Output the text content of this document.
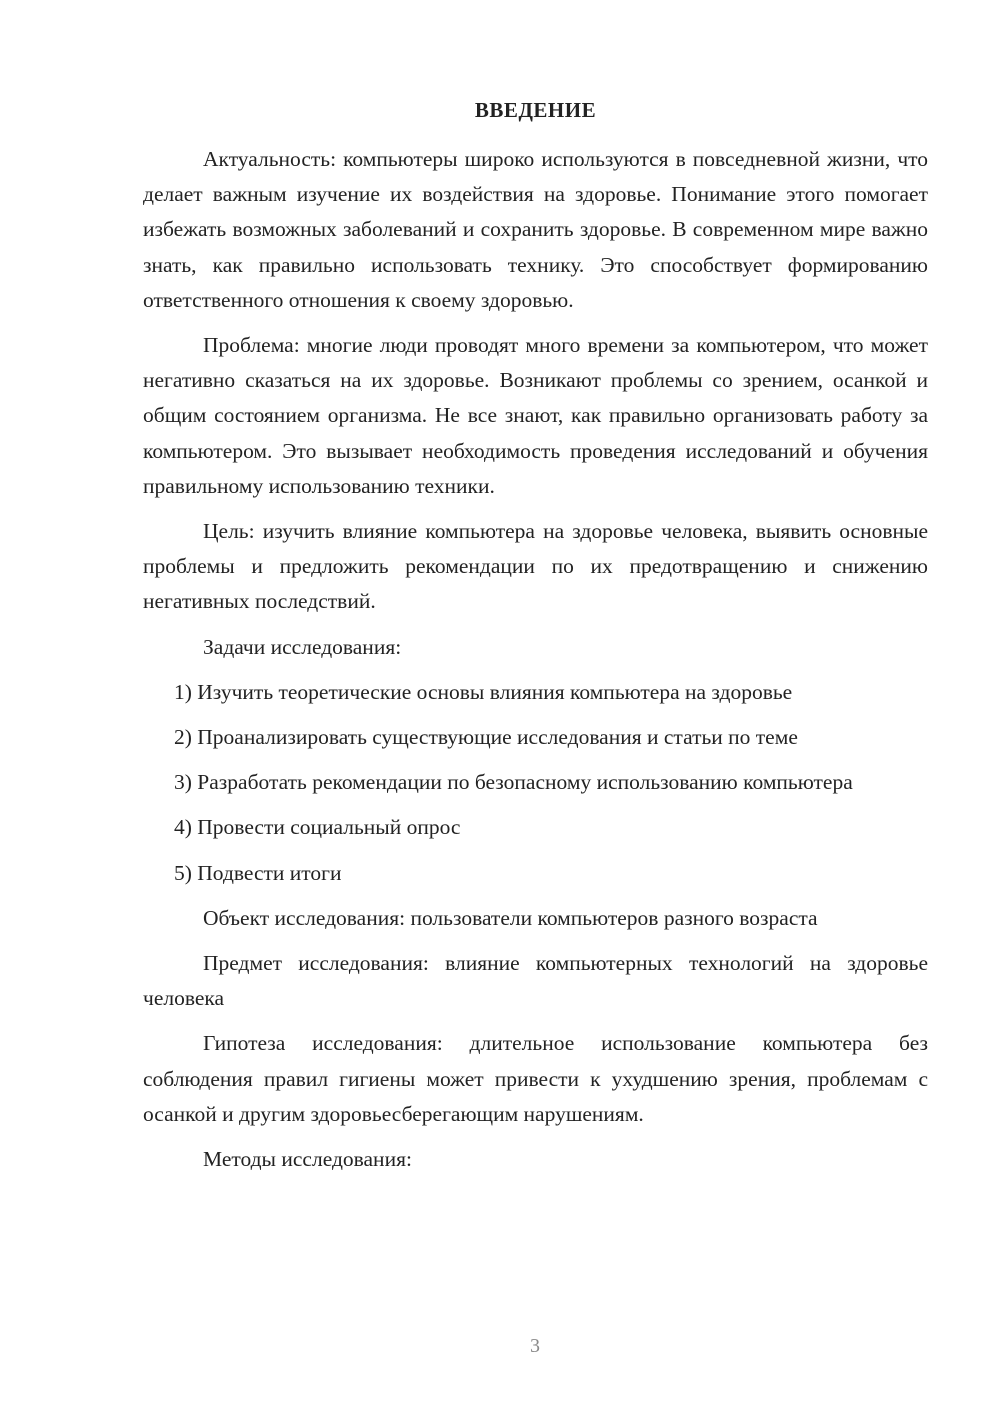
ВВЕДЕНИЕ

Актуальность: компьютеры широко используются в повседневной жизни, что делает важным изучение их воздействия на здоровье. Понимание этого помогает избежать возможных заболеваний и сохранить здоровье. В современном мире важно знать, как правильно использовать технику. Это способствует формированию ответственного отношения к своему здоровью.

Проблема: многие люди проводят много времени за компьютером, что может негативно сказаться на их здоровье. Возникают проблемы со зрением, осанкой и общим состоянием организма. Не все знают, как правильно организовать работу за компьютером. Это вызывает необходимость проведения исследований и обучения правильному использованию техники.

Цель: изучить влияние компьютера на здоровье человека, выявить основные проблемы и предложить рекомендации по их предотвращению и снижению негативных последствий.

Задачи исследования:

1) Изучить теоретические основы влияния компьютера на здоровье

2) Проанализировать существующие исследования и статьи по теме

3) Разработать рекомендации по безопасному использованию компьютера

4) Провести социальный опрос

5) Подвести итоги

Объект исследования: пользователи компьютеров разного возраста

Предмет исследования: влияние компьютерных технологий на здоровье человека

Гипотеза исследования: длительное использование компьютера без соблюдения правил гигиены может привести к ухудшению зрения, проблемам с осанкой и другим здоровьесберегающим нарушениям.

Методы исследования:

3
